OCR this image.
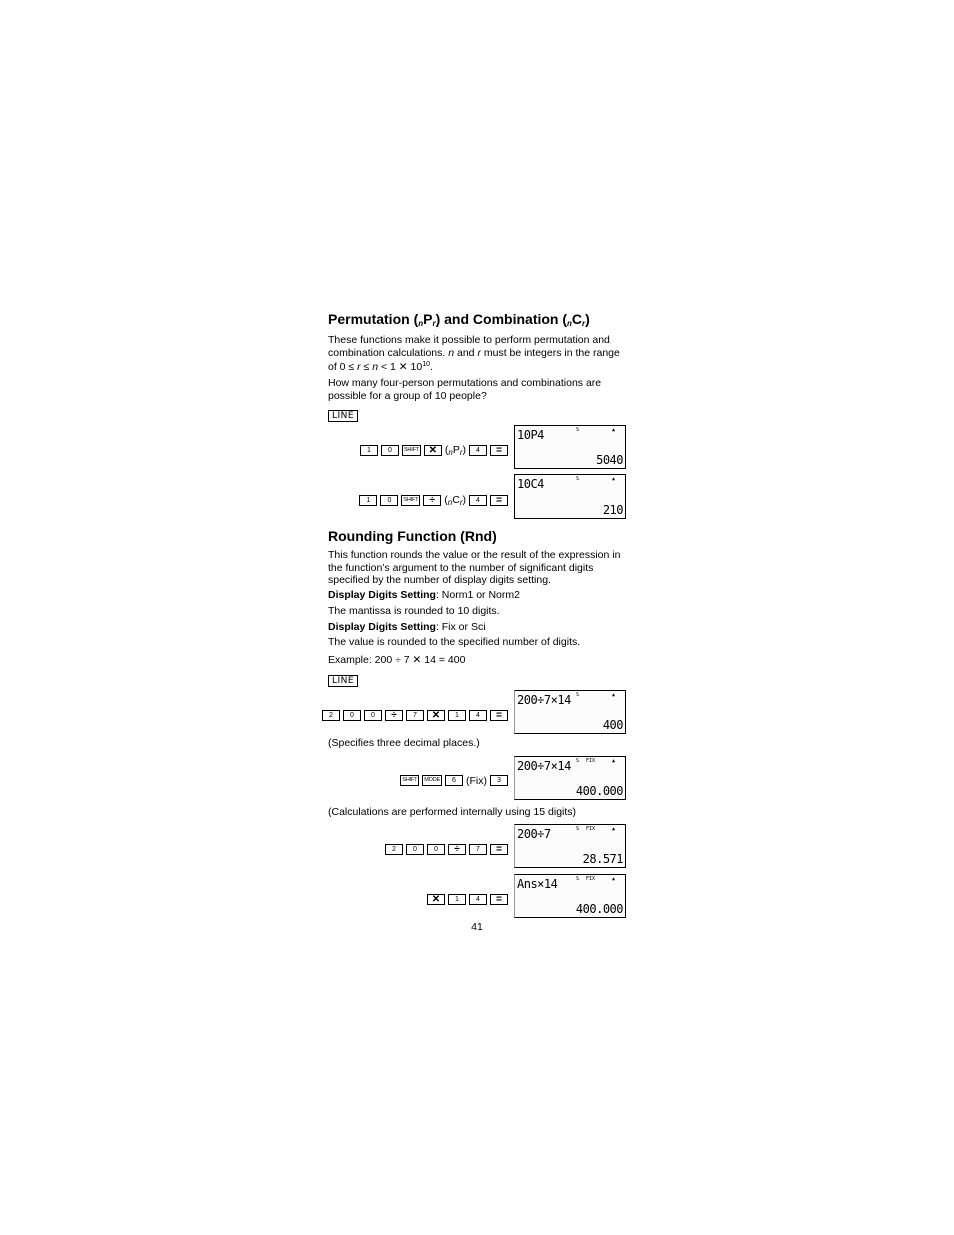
Permutation $(_nP_r)$ and Combination $(_nC_r)$
These functions make it possible to perform permutation and combination calculations. n and r must be integers in the range of 0 ≤ r ≤ n < 1 ✕ $10^{10}$.
How many four-person permutations and combinations are possible for a group of 10 people?
LINE
1 0 SHIFT ✕ $(_nP_r) 4$ =
S	▲
10P4
5040
1 0 SHIFT ÷ $(_nC_r) 4$ =
S	▲
10C4
210
Rounding Function (Rnd)
This function rounds the value or the result of the expression in the function’s argument to the number of significant digits specified by the number of display digits setting.
Display Digits Setting: Norm1 or Norm2
The mantissa is rounded to 10 digits.
Display Digits Setting: Fix or Sci
The value is rounded to the specified number of digits.
Example: 200 ÷ 7 ✕ 14 = 400
LINE
2 0 0 ÷ 7 ✕ 1 4 =
S	▲
200÷7×14
400
(Specifies three decimal places.)
SHIFT MODE 6 (Fix) 3
S FIX	▲
200÷7×14
400.000
(Calculations are performed internally using 15 digits)
2 0 0 ÷ 7 =
S FIX	▲
200÷7
28.571
✕ 1 4 =
S FIX	▲
Ans×14
400.000
41
